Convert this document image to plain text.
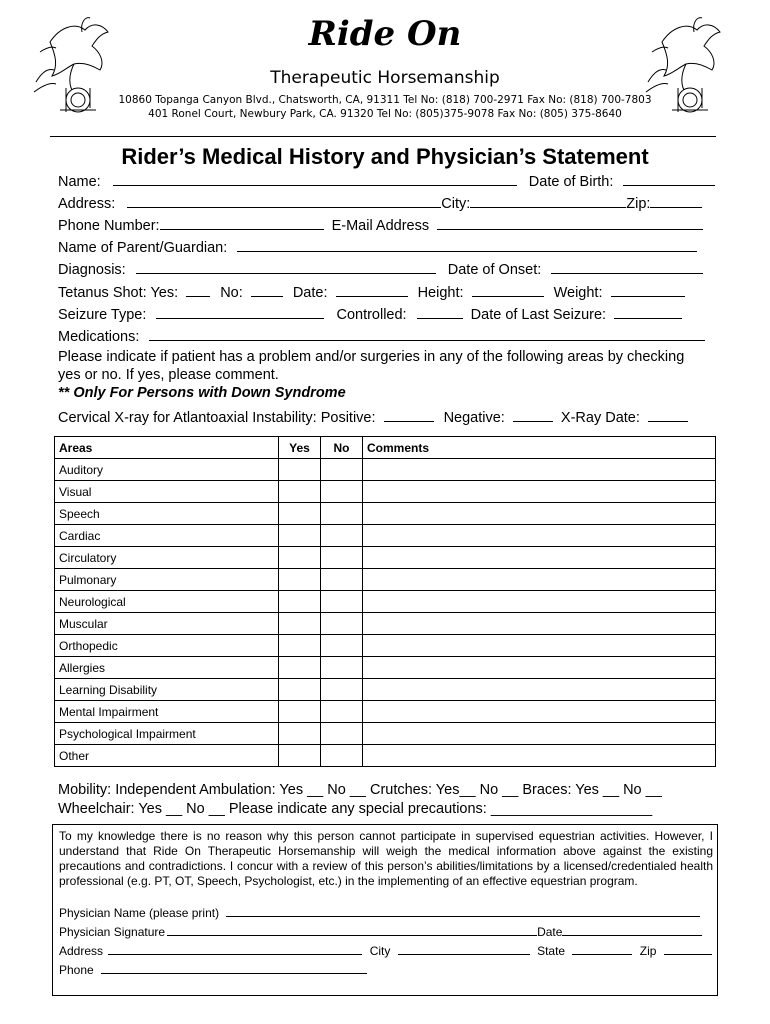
Ride On
Therapeutic Horsemanship
10860 Topanga Canyon Blvd., Chatsworth, CA, 91311 Tel No: (818) 700-2971 Fax No: (818) 700-7803
401 Ronel Court, Newbury Park, CA. 91320 Tel No: (805)375-9078 Fax No: (805) 375-8640
Rider’s Medical History and Physician’s Statement
Name:	Date of Birth:
Address:	City:	Zip:
Phone Number:	E-Mail Address
Name of Parent/Guardian:
Diagnosis:	Date of Onset:
Tetanus Shot: Yes:	No:	Date:	Height:	Weight:
Seizure Type:	Controlled:	Date of Last Seizure:
Medications:
Please indicate if patient has a problem and/or surgeries in any of the following areas by checking
yes or no. If yes, please comment.
** Only For Persons with Down Syndrome
Cervical X-ray for Atlantoaxial Instability: Positive:	Negative:	X-Ray Date:
Areas	Yes	No	Comments
Auditory			
Visual			
Speech			
Cardiac			
Circulatory			
Pulmonary			
Neurological			
Muscular			
Orthopedic			
Allergies			
Learning Disability			
Mental Impairment			
Psychological Impairment			
Other			
Mobility: Independent Ambulation: Yes __ No __ Crutches: Yes__ No __ Braces: Yes __ No __
Wheelchair: Yes __ No __ Please indicate any special precautions: ____________________
To my knowledge there is no reason why this person cannot participate in supervised equestrian activities. However, I understand that Ride On Therapeutic Horsemanship will weigh the medical information above against the existing precautions and contradictions. I concur with a review of this person’s abilities/limitations by a licensed/credentialed health professional (e.g. PT, OT, Speech, Psychologist, etc.) in the implementing of an effective equestrian program.
Physician Name (please print)
Physician Signature	Date
Address	City	State	Zip
Phone
